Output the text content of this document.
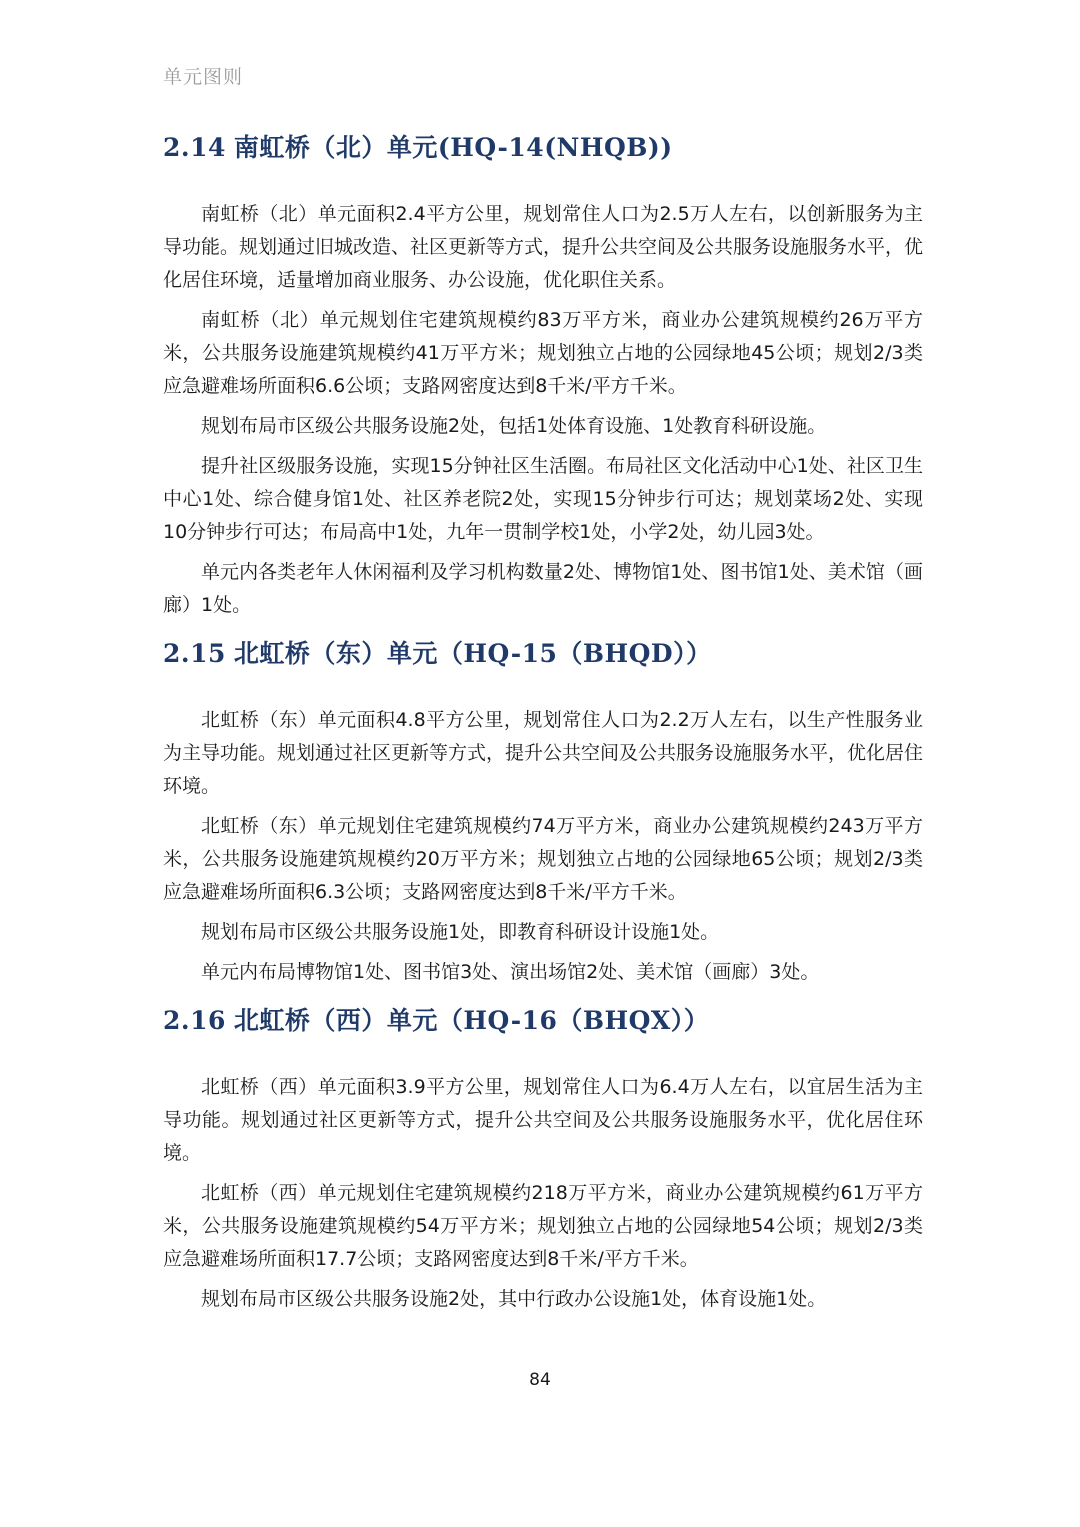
单元图则
2.14 南虹桥（北）单元(HQ-14(NHQB))

南虹桥（北）单元面积2.4平方公里，规划常住人口为2.5万人左右，以创新服务为主导功能。规划通过旧城改造、社区更新等方式，提升公共空间及公共服务设施服务水平，优化居住环境，适量增加商业服务、办公设施，优化职住关系。

南虹桥（北）单元规划住宅建筑规模约83万平方米，商业办公建筑规模约26万平方米，公共服务设施建筑规模约41万平方米；规划独立占地的公园绿地45公顷；规划2/3类应急避难场所面积6.6公顷；支路网密度达到8千米/平方千米。

规划布局市区级公共服务设施2处，包括1处体育设施、1处教育科研设施。

提升社区级服务设施，实现15分钟社区生活圈。布局社区文化活动中心1处、社区卫生中心1处、综合健身馆1处、社区养老院2处，实现15分钟步行可达；规划菜场2处、实现10分钟步行可达；布局高中1处，九年一贯制学校1处，小学2处，幼儿园3处。

单元内各类老年人休闲福利及学习机构数量2处、博物馆1处、图书馆1处、美术馆（画廊）1处。

2.15 北虹桥（东）单元（HQ-15（BHQD））

北虹桥（东）单元面积4.8平方公里，规划常住人口为2.2万人左右，以生产性服务业为主导功能。规划通过社区更新等方式，提升公共空间及公共服务设施服务水平，优化居住环境。

北虹桥（东）单元规划住宅建筑规模约74万平方米，商业办公建筑规模约243万平方米，公共服务设施建筑规模约20万平方米；规划独立占地的公园绿地65公顷；规划2/3类应急避难场所面积6.3公顷；支路网密度达到8千米/平方千米。

规划布局市区级公共服务设施1处，即教育科研设计设施1处。

单元内布局博物馆1处、图书馆3处、演出场馆2处、美术馆（画廊）3处。

2.16 北虹桥（西）单元（HQ-16（BHQX））

北虹桥（西）单元面积3.9平方公里，规划常住人口为6.4万人左右，以宜居生活为主导功能。规划通过社区更新等方式，提升公共空间及公共服务设施服务水平，优化居住环境。

北虹桥（西）单元规划住宅建筑规模约218万平方米，商业办公建筑规模约61万平方米，公共服务设施建筑规模约54万平方米；规划独立占地的公园绿地54公顷；规划2/3类应急避难场所面积17.7公顷；支路网密度达到8千米/平方千米。

规划布局市区级公共服务设施2处，其中行政办公设施1处，体育设施1处。

84
